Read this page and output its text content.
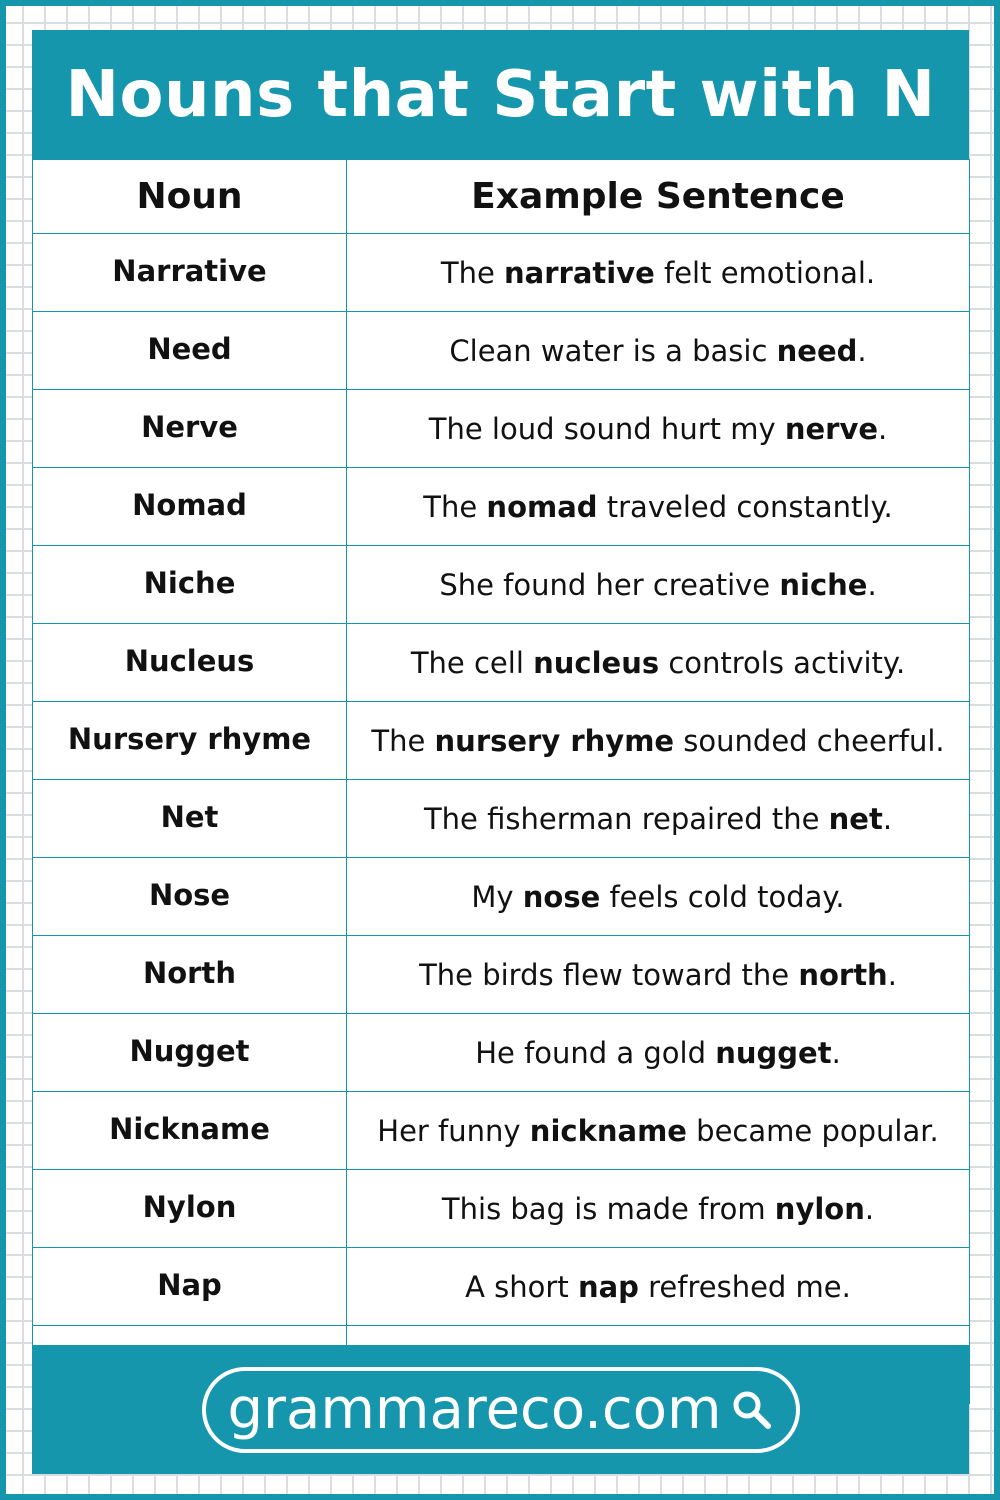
Nouns that Start with N
Noun	Example Sentence
Narrative	The narrative felt emotional.
Need	Clean water is a basic need.
Nerve	The loud sound hurt my nerve.
Nomad	The nomad traveled constantly.
Niche	She found her creative niche.
Nucleus	The cell nucleus controls activity.
Nursery rhyme	The nursery rhyme sounded cheerful.
Net	The fisherman repaired the net.
Nose	My nose feels cold today.
North	The birds flew toward the north.
Nugget	He found a gold nugget.
Nickname	Her funny nickname became popular.
Nylon	This bag is made from nylon.
Nap	A short nap refreshed me.

grammareco.com
